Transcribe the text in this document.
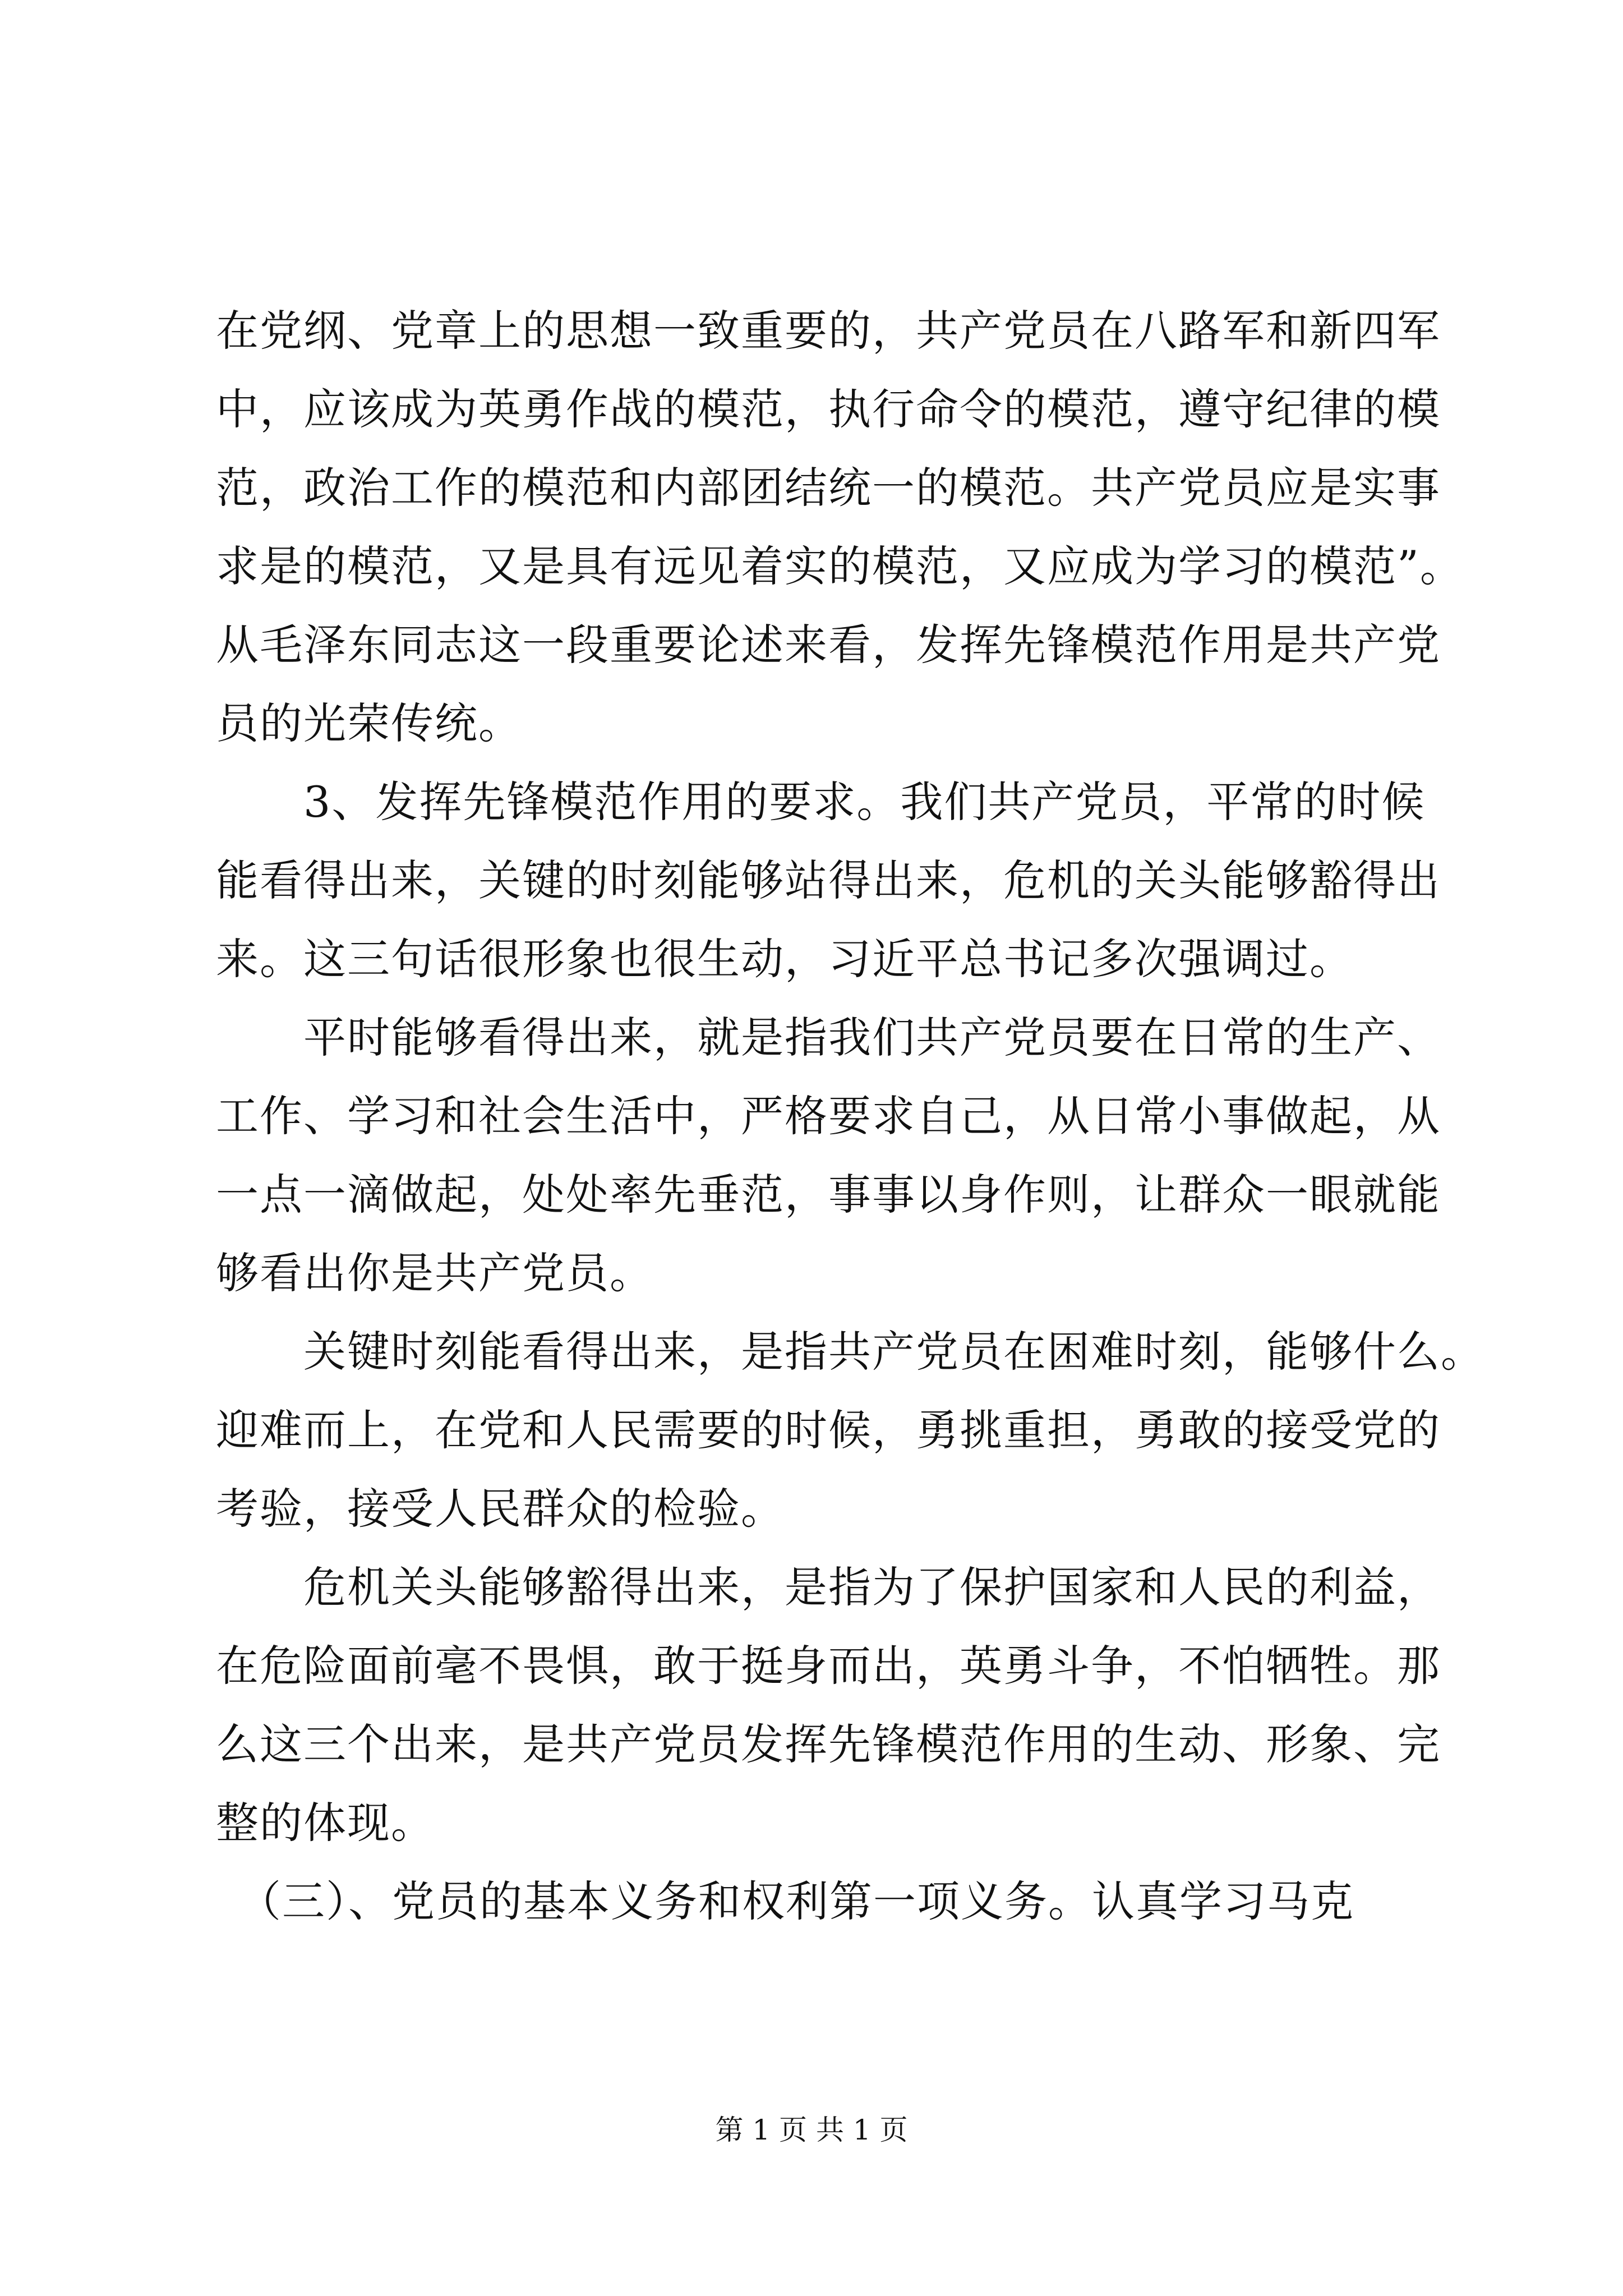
在党纲、党章上的思想一致重要的，共产党员在八路军和新四军
中，应该成为英勇作战的模范，执行命令的模范，遵守纪律的模
范，政治工作的模范和内部团结统一的模范。共产党员应是实事
求是的模范，又是具有远见着实的模范，又应成为学习的模范”。
从毛泽东同志这一段重要论述来看，发挥先锋模范作用是共产党
员的光荣传统。
　　3、发挥先锋模范作用的要求。我们共产党员，平常的时候
能看得出来，关键的时刻能够站得出来，危机的关头能够豁得出
来。这三句话很形象也很生动，习近平总书记多次强调过。
　　平时能够看得出来，就是指我们共产党员要在日常的生产、
工作、学习和社会生活中，严格要求自己，从日常小事做起，从
一点一滴做起，处处率先垂范，事事以身作则，让群众一眼就能
够看出你是共产党员。
　　关键时刻能看得出来，是指共产党员在困难时刻，能够什么。
迎难而上，在党和人民需要的时候，勇挑重担，勇敢的接受党的
考验，接受人民群众的检验。
　　危机关头能够豁得出来，是指为了保护国家和人民的利益，
在危险面前毫不畏惧，敢于挺身而出，英勇斗争，不怕牺牲。那
么这三个出来，是共产党员发挥先锋模范作用的生动、形象、完
整的体现。
　（三）、党员的基本义务和权利第一项义务。认真学习马克
第 1 页 共 1 页
